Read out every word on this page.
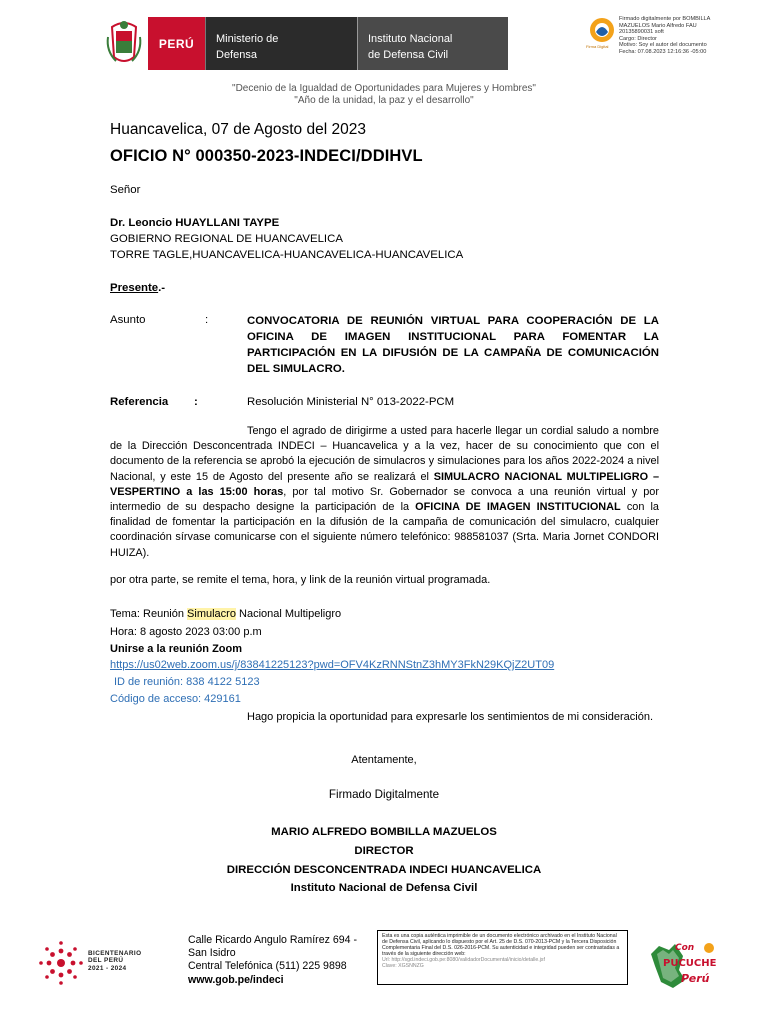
PERÚ Ministerio de
Defensa
Instituto Nacional
de Defensa Civil
Firma Digital
Firmado digitalmente por BOMBILLA
MAZUELOS Mario Alfredo FAU
20135890031 soft
Cargo: Director
Motivo: Soy el autor del documento
Fecha: 07.08.2023 12:16:36 -05:00
"Decenio de la Igualdad de Oportunidades para Mujeres y Hombres"
"Año de la unidad, la paz y el desarrollo"
Huancavelica, 07 de Agosto del 2023
OFICIO N° 000350-2023-INDECI/DDIHVL
Señor
Dr. Leoncio HUAYLLANI TAYPE
GOBIERNO REGIONAL DE HUANCAVELICA
TORRE TAGLE,HUANCAVELICA-HUANCAVELICA-HUANCAVELICA
Presente.-
Asunto	:	CONVOCATORIA DE REUNIÓN VIRTUAL PARA COOPERACIÓN DE LA OFICINA DE IMAGEN INSTITUCIONAL PARA FOMENTAR LA PARTICIPACIÓN EN LA DIFUSIÓN DE LA CAMPAÑA DE COMUNICACIÓN DEL SIMULACRO.
Referencia :	Resolución Ministerial N° 013-2022-PCM
Tengo el agrado de dirigirme a usted para hacerle llegar un cordial saludo a nombre de la Dirección Desconcentrada INDECI – Huancavelica y a la vez, hacer de su conocimiento que con el documento de la referencia se aprobó la ejecución de simulacros y simulaciones para los años 2022-2024 a nivel Nacional, y este 15 de Agosto del presente año se realizará el SIMULACRO NACIONAL MULTIPELIGRO – VESPERTINO a las 15:00 horas, por tal motivo Sr. Gobernador se convoca a una reunión virtual y por intermedio de su despacho designe la participación de la OFICINA DE IMAGEN INSTITUCIONAL con la finalidad de fomentar la participación en la difusión de la campaña de comunicación del simulacro, cualquier coordinación sírvase comunicarse con el siguiente número telefónico: 988581037 (Srta. Maria Jornet CONDORI HUIZA).
por otra parte, se remite el tema, hora, y link de la reunión virtual programada.
Tema: Reunión Simulacro Nacional Multipeligro
Hora: 8 agosto 2023 03:00 p.m
Unirse a la reunión Zoom
https://us02web.zoom.us/j/83841225123?pwd=OFV4KzRNNStnZ3hMY3FkN29KQjZ2UT09
ID de reunión: 838 4122 5123
Código de acceso: 429161
Hago propicia la oportunidad para expresarle los sentimientos de mi consideración.
Atentamente,
Firmado Digitalmente
MARIO ALFREDO BOMBILLA MAZUELOS
DIRECTOR
DIRECCIÓN DESCONCENTRADA INDECI HUANCAVELICA
Instituto Nacional de Defensa Civil
BICENTENARIO
DEL PERÚ
2021 - 2024
Calle Ricardo Angulo Ramírez 694 -
San Isidro
Central Telefónica (511) 225 9898
www.gob.pe/indeci
Esta es una copia auténtica imprimible de un documento electrónico archivado en el Instituto Nacional de Defensa Civil, aplicando lo dispuesto por el Art. 25 de D.S. 070-2013-PCM y la Tercera Disposición Complementaria Final del D.S. 026-2016-PCM. Su autenticidad e integridad pueden ser contrastadas a través de la siguiente dirección web:
Url: http://sgd.indeci.gob.pe:8080/validadorDocumental/inicio/detalle.jsf
Clave: XGSNNZG
Con
PUCUCHE
Perú
